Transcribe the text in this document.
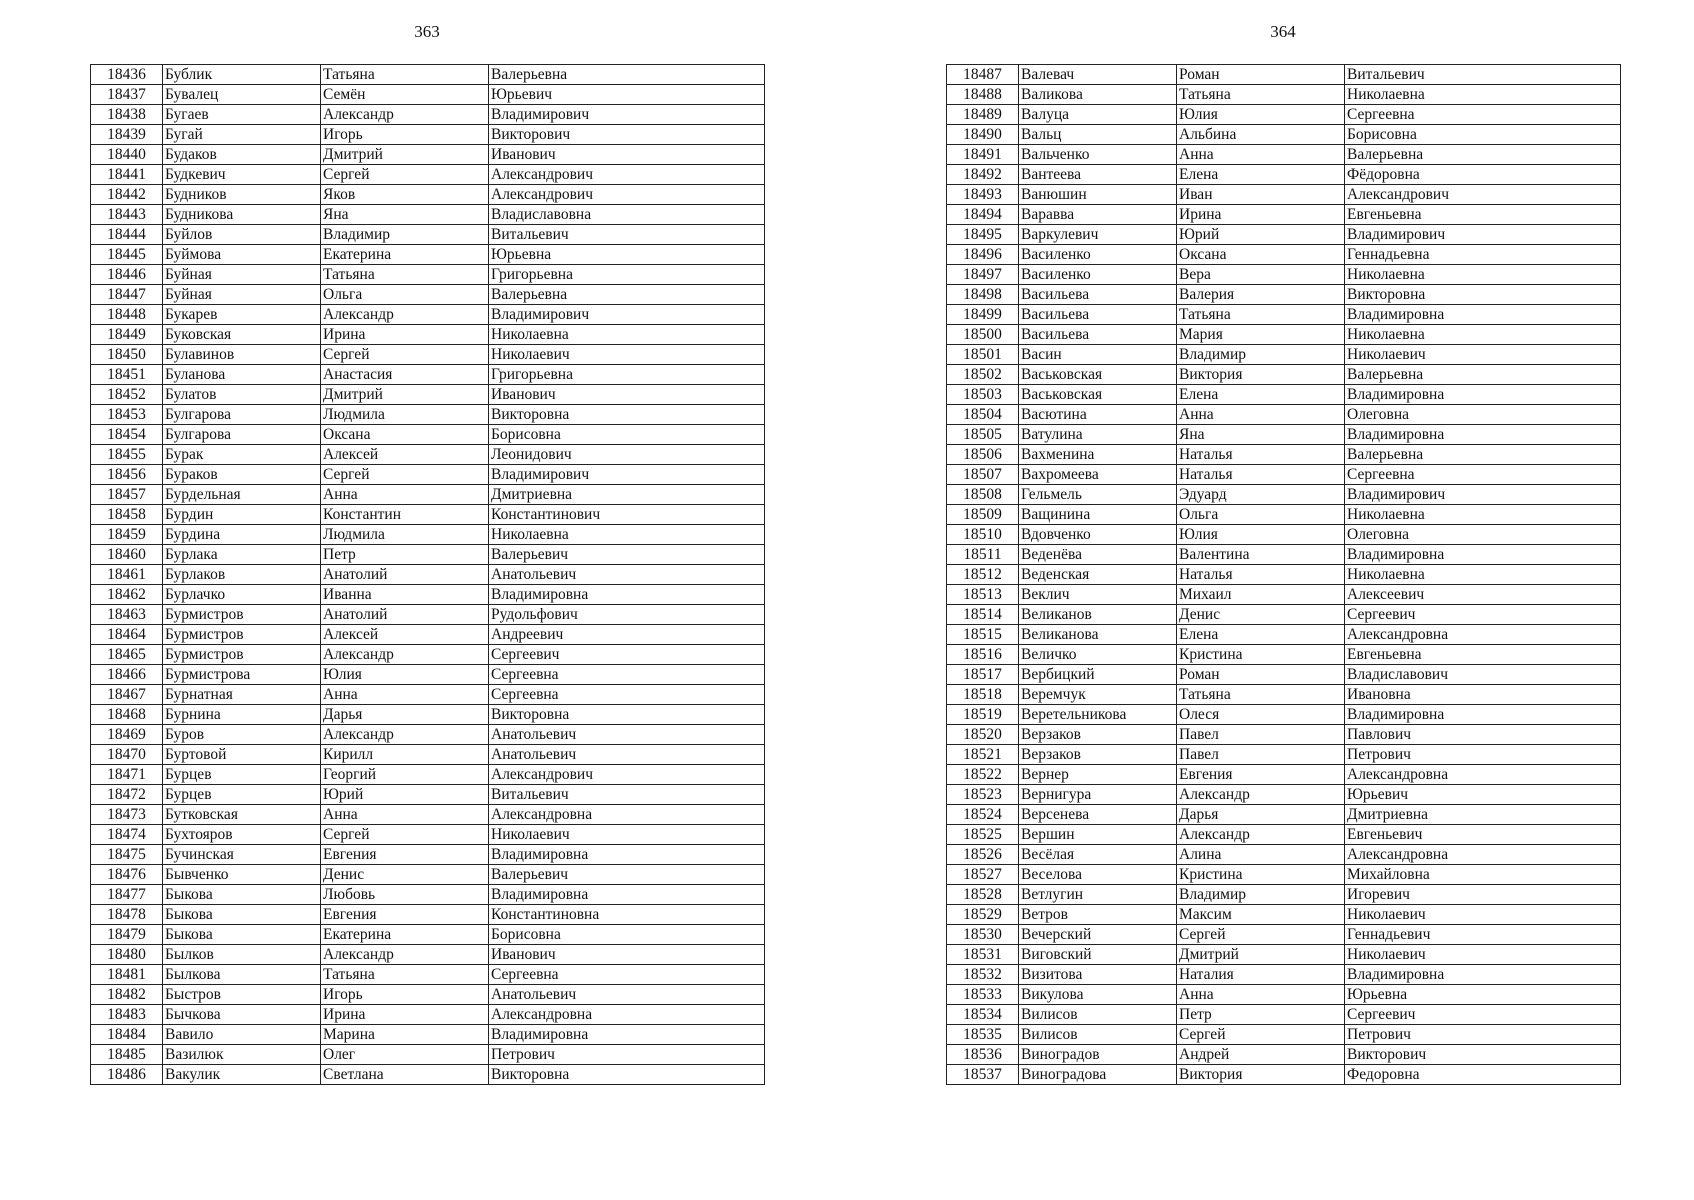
363
18436	Бублик	Татьяна	Валерьевна
18437	Бувалец	Семён	Юрьевич
18438	Бугаев	Александр	Владимирович
18439	Бугай	Игорь	Викторович
18440	Будаков	Дмитрий	Иванович
18441	Будкевич	Сергей	Александрович
18442	Будников	Яков	Александрович
18443	Будникова	Яна	Владиславовна
18444	Буйлов	Владимир	Витальевич
18445	Буймова	Екатерина	Юрьевна
18446	Буйная	Татьяна	Григорьевна
18447	Буйная	Ольга	Валерьевна
18448	Букарев	Александр	Владимирович
18449	Буковская	Ирина	Николаевна
18450	Булавинов	Сергей	Николаевич
18451	Буланова	Анастасия	Григорьевна
18452	Булатов	Дмитрий	Иванович
18453	Булгарова	Людмила	Викторовна
18454	Булгарова	Оксана	Борисовна
18455	Бурак	Алексей	Леонидович
18456	Бураков	Сергей	Владимирович
18457	Бурдельная	Анна	Дмитриевна
18458	Бурдин	Константин	Константинович
18459	Бурдина	Людмила	Николаевна
18460	Бурлака	Петр	Валерьевич
18461	Бурлаков	Анатолий	Анатольевич
18462	Бурлачко	Иванна	Владимировна
18463	Бурмистров	Анатолий	Рудольфович
18464	Бурмистров	Алексей	Андреевич
18465	Бурмистров	Александр	Сергеевич
18466	Бурмистрова	Юлия	Сергеевна
18467	Бурнатная	Анна	Сергеевна
18468	Бурнина	Дарья	Викторовна
18469	Буров	Александр	Анатольевич
18470	Буртовой	Кирилл	Анатольевич
18471	Бурцев	Георгий	Александрович
18472	Бурцев	Юрий	Витальевич
18473	Бутковская	Анна	Александровна
18474	Бухтояров	Сергей	Николаевич
18475	Бучинская	Евгения	Владимировна
18476	Бывченко	Денис	Валерьевич
18477	Быкова	Любовь	Владимировна
18478	Быкова	Евгения	Константиновна
18479	Быкова	Екатерина	Борисовна
18480	Былков	Александр	Иванович
18481	Былкова	Татьяна	Сергеевна
18482	Быстров	Игорь	Анатольевич
18483	Бычкова	Ирина	Александровна
18484	Вавило	Марина	Владимировна
18485	Вазилюк	Олег	Петрович
18486	Вакулик	Светлана	Викторовна
364
18487	Валевач	Роман	Витальевич
18488	Валикова	Татьяна	Николаевна
18489	Валуца	Юлия	Сергеевна
18490	Вальц	Альбина	Борисовна
18491	Вальченко	Анна	Валерьевна
18492	Вантеева	Елена	Фёдоровна
18493	Ванюшин	Иван	Александрович
18494	Варавва	Ирина	Евгеньевна
18495	Варкулевич	Юрий	Владимирович
18496	Василенко	Оксана	Геннадьевна
18497	Василенко	Вера	Николаевна
18498	Васильева	Валерия	Викторовна
18499	Васильева	Татьяна	Владимировна
18500	Васильева	Мария	Николаевна
18501	Васин	Владимир	Николаевич
18502	Васьковская	Виктория	Валерьевна
18503	Васьковская	Елена	Владимировна
18504	Васютина	Анна	Олеговна
18505	Ватулина	Яна	Владимировна
18506	Вахменина	Наталья	Валерьевна
18507	Вахромеева	Наталья	Сергеевна
18508	Гельмель	Эдуард	Владимирович
18509	Ващинина	Ольга	Николаевна
18510	Вдовченко	Юлия	Олеговна
18511	Веденёва	Валентина	Владимировна
18512	Веденская	Наталья	Николаевна
18513	Веклич	Михаил	Алексеевич
18514	Великанов	Денис	Сергеевич
18515	Великанова	Елена	Александровна
18516	Величко	Кристина	Евгеньевна
18517	Вербицкий	Роман	Владиславович
18518	Веремчук	Татьяна	Ивановна
18519	Веретельникова	Олеся	Владимировна
18520	Верзаков	Павел	Павлович
18521	Верзаков	Павел	Петрович
18522	Вернер	Евгения	Александровна
18523	Вернигура	Александр	Юрьевич
18524	Версенева	Дарья	Дмитриевна
18525	Вершин	Александр	Евгеньевич
18526	Весёлая	Алина	Александровна
18527	Веселова	Кристина	Михайловна
18528	Ветлугин	Владимир	Игоревич
18529	Ветров	Максим	Николаевич
18530	Вечерский	Сергей	Геннадьевич
18531	Виговский	Дмитрий	Николаевич
18532	Визитова	Наталия	Владимировна
18533	Викулова	Анна	Юрьевна
18534	Вилисов	Петр	Сергеевич
18535	Вилисов	Сергей	Петрович
18536	Виноградов	Андрей	Викторович
18537	Виноградова	Виктория	Федоровна
